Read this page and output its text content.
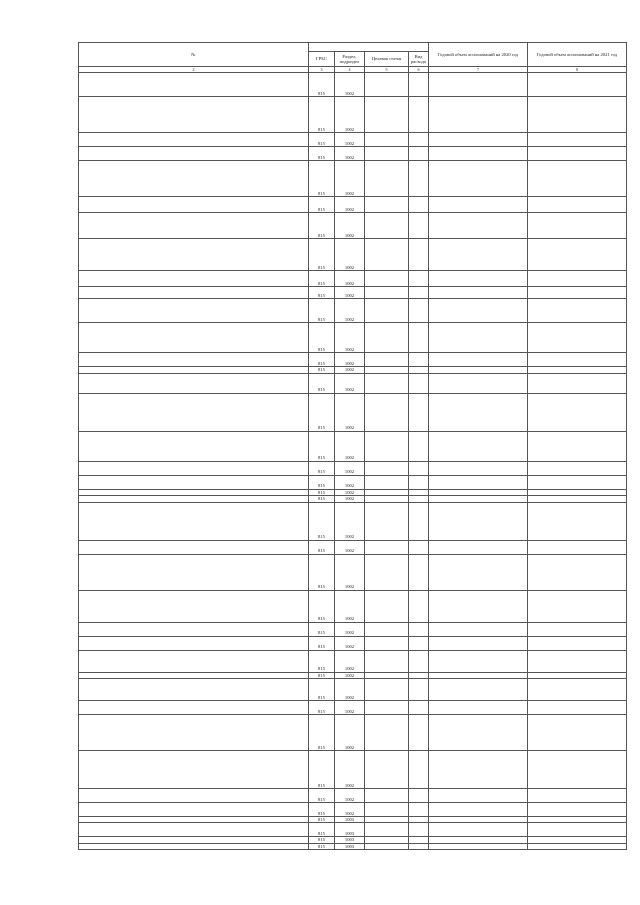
№					Годовой объем ассигнований на 2020 год	Годовой объем ассигнований на 2021 год
	ГРБС	Раздел, подраздел	Целевая статья	Вид расхода		
2	3	4	5	6	7	8
	815	1002				
	815	1002				
	815	1002				
	815	1002				
	815	1002				
	815	1002				
	815	1002				
	815	1002				
	815	1002				
	815	1002				
	815	1002				
	815	1002				
	815	1002				
	815	1002				
	815	1002				
	815	1002				
	815	1002				
	815	1002				
	815	1002				
	815	1002				
	815	1002				
	815	1002				
	815	1002				
	815	1002				
	815	1002				
	815	1002				
	815	1002				
	815	1002				
	815	1002				
	815	1002				
	815	1002				
	815	1002				
	815	1002				
	815	1002				
	815	1002				
	815	1003				
	815	1003				
	815	1003				
	815	1003				
